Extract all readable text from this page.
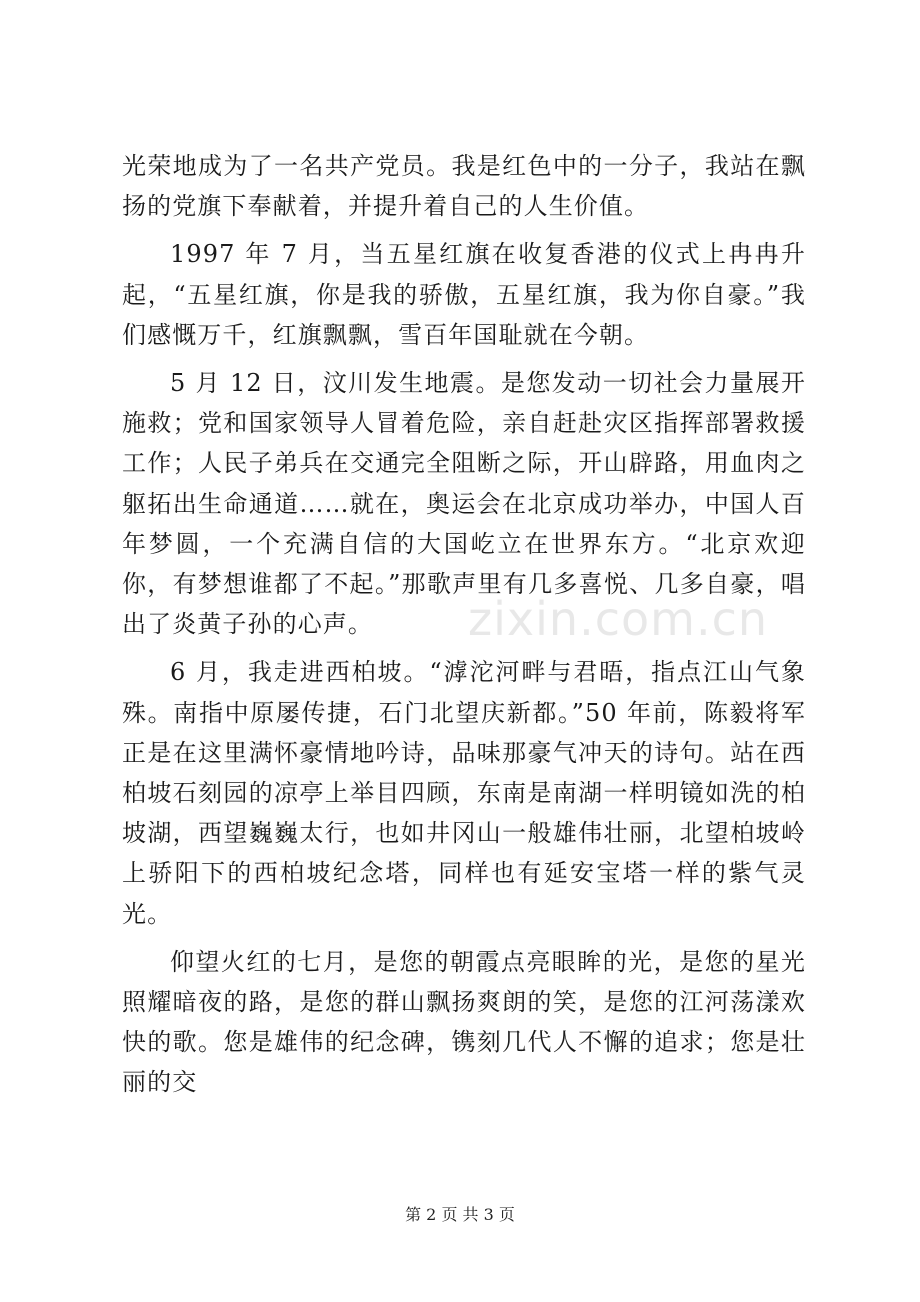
光荣地成为了一名共产党员。我是红色中的一分子，我站在飘扬的党旗下奉献着，并提升着自己的人生价值。

1997 年 7 月，当五星红旗在收复香港的仪式上冉冉升起，“五星红旗，你是我的骄傲，五星红旗，我为你自豪。”我们感慨万千，红旗飘飘，雪百年国耻就在今朝。

5 月 12 日，汶川发生地震。是您发动一切社会力量展开施救；党和国家领导人冒着危险，亲自赶赴灾区指挥部署救援工作；人民子弟兵在交通完全阻断之际，开山辟路，用血肉之躯拓出生命通道……就在，奥运会在北京成功举办，中国人百年梦圆，一个充满自信的大国屹立在世界东方。“北京欢迎你，有梦想谁都了不起。”那歌声里有几多喜悦、几多自豪，唱出了炎黄子孙的心声。

6 月，我走进西柏坡。“滹沱河畔与君晤，指点江山气象殊。南指中原屡传捷，石门北望庆新都。”50 年前，陈毅将军正是在这里满怀豪情地吟诗，品味那豪气冲天的诗句。站在西柏坡石刻园的凉亭上举目四顾，东南是南湖一样明镜如洗的柏坡湖，西望巍巍太行，也如井冈山一般雄伟壮丽，北望柏坡岭上骄阳下的西柏坡纪念塔，同样也有延安宝塔一样的紫气灵光。

仰望火红的七月，是您的朝霞点亮眼眸的光，是您的星光照耀暗夜的路，是您的群山飘扬爽朗的笑，是您的江河荡漾欢快的歌。您是雄伟的纪念碑，镌刻几代人不懈的追求；您是壮丽的交

zixin.com.cn
第 2 页 共 3 页
